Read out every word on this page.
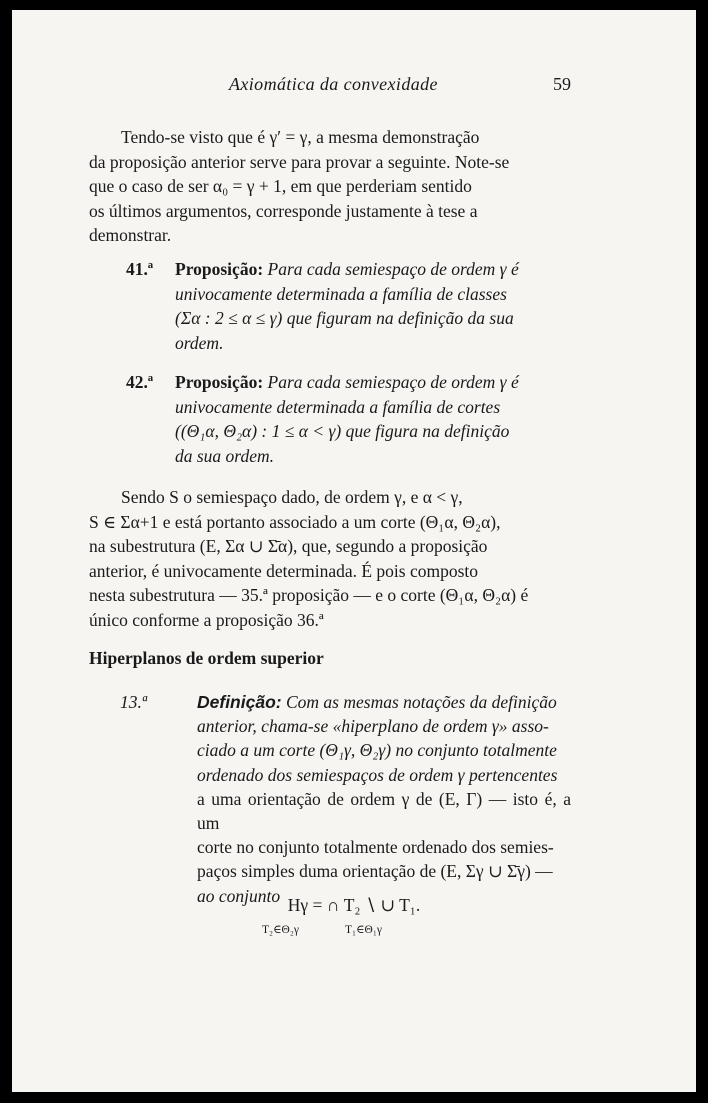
Axiomática da convexidade	59

Tendo-se visto que é γ′ = γ, a mesma demonstração

da proposição anterior serve para provar a seguinte. Note-se

que o caso de ser α₀ = γ + 1, em que perderiam sentido

os últimos argumentos, corresponde justamente à tese a

demonstrar.

41.ª Proposição: Para cada semiespaço de ordem γ é

univocamente determinada a família de classes

(Σα : 2 ≤ α ≤ γ) que figuram na definição da sua

ordem.

42.ª Proposição: Para cada semiespaço de ordem γ é

univocamente determinada a família de cortes

((Θ₁α, Θ₂α) : 1 ≤ α < γ) que figura na definição

da sua ordem.

Sendo S o semiespaço dado, de ordem γ, e α < γ,

S ∈ Σα+1 e está portanto associado a um corte (Θ₁α, Θ₂α),

na subestrutura (E, Σα ∪ Σ̄α), que, segundo a proposição

anterior, é univocamente determinada. É pois composto

nesta subestrutura — 35.ª proposição — e o corte (Θ₁α, Θ₂α) é

único conforme a proposição 36.ª

Hiperplanos de ordem superior
13.ª	Definição: Com as mesmas notações da definição

anterior, chama-se «hiperplano de ordem γ» asso-

ciado a um corte (Θ₁γ, Θ₂γ) no conjunto totalmente

ordenado dos semiespaços de ordem γ pertencentes

a uma orientação de ordem γ de (E, Γ) — isto é, a um

corte no conjunto totalmente ordenado dos semies-

paços simples duma orientação de (E, Σγ ∪ Σ̄γ) —

ao conjunto Hγ = ∩ T₂ ∖ ∪ T₁.
T₂∈Θ₂γ	T₁∈Θ₁γ
